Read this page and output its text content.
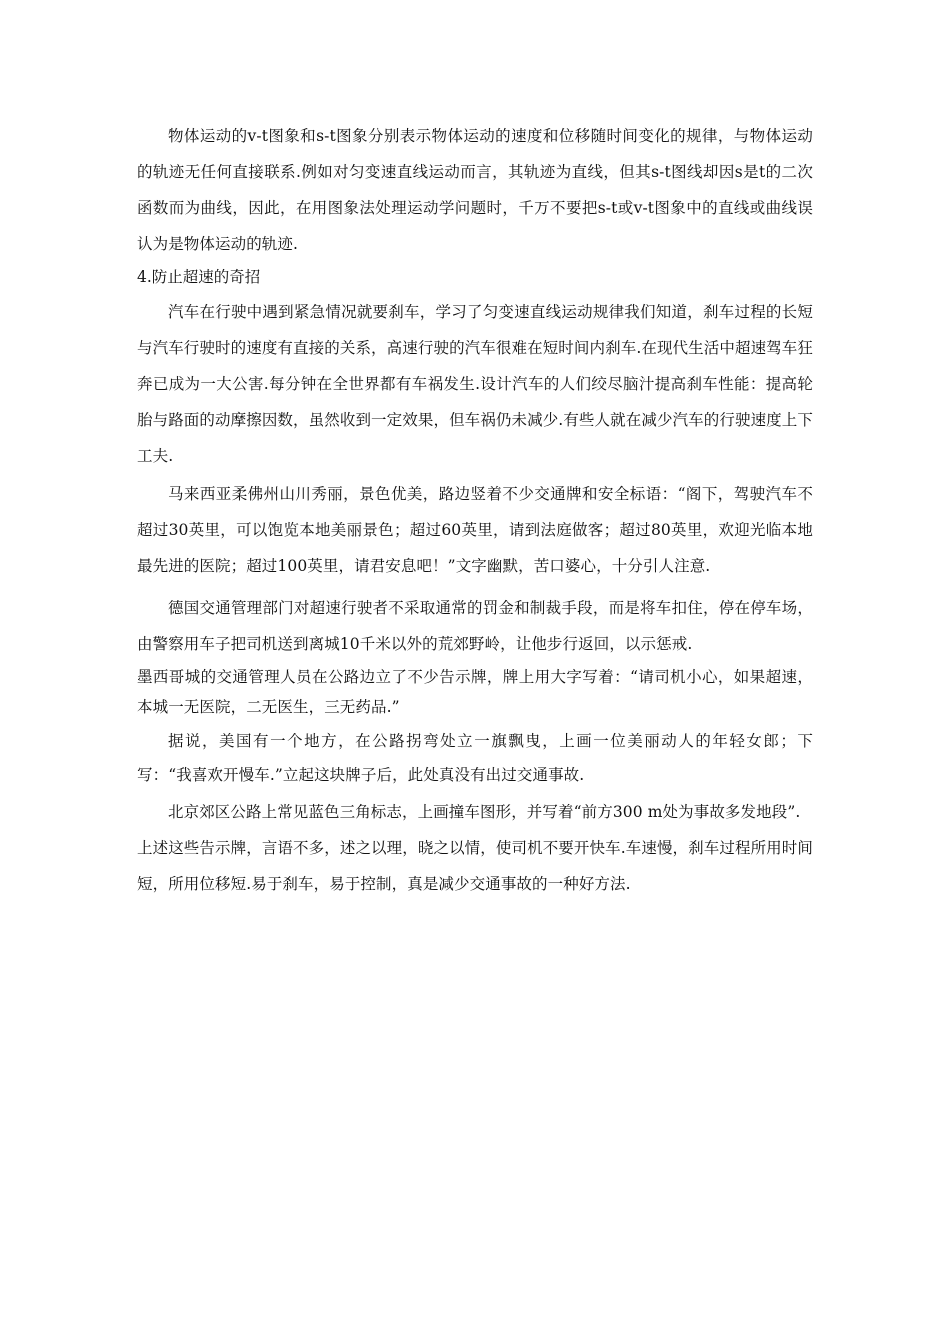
物体运动的v-t图象和s-t图象分别表示物体运动的速度和位移随时间变化的规律，与物体运动的轨迹无任何直接联系.例如对匀变速直线运动而言，其轨迹为直线，但其s-t图线却因s是t的二次函数而为曲线，因此，在用图象法处理运动学问题时，千万不要把s-t或v-t图象中的直线或曲线误认为是物体运动的轨迹.

4.防止超速的奇招

汽车在行驶中遇到紧急情况就要刹车，学习了匀变速直线运动规律我们知道，刹车过程的长短与汽车行驶时的速度有直接的关系，高速行驶的汽车很难在短时间内刹车.在现代生活中超速驾车狂奔已成为一大公害.每分钟在全世界都有车祸发生.设计汽车的人们绞尽脑汁提高刹车性能：提高轮胎与路面的动摩擦因数，虽然收到一定效果，但车祸仍未减少.有些人就在减少汽车的行驶速度上下工夫.

马来西亚柔佛州山川秀丽，景色优美，路边竖着不少交通牌和安全标语：“阁下，驾驶汽车不超过30英里，可以饱览本地美丽景色；超过60英里，请到法庭做客；超过80英里，欢迎光临本地最先进的医院；超过100英里，请君安息吧！”文字幽默，苦口婆心，十分引人注意.

德国交通管理部门对超速行驶者不采取通常的罚金和制裁手段，而是将车扣住，停在停车场，由警察用车子把司机送到离城10千米以外的荒郊野岭，让他步行返回，以示惩戒.

墨西哥城的交通管理人员在公路边立了不少告示牌，牌上用大字写着：“请司机小心，如果超速，本城一无医院，二无医生，三无药品.”

据说，美国有一个地方，在公路拐弯处立一旗飘曳，上画一位美丽动人的年轻女郎；下写：“我喜欢开慢车.”立起这块牌子后，此处真没有出过交通事故.

北京郊区公路上常见蓝色三角标志，上画撞车图形，并写着“前方300 m处为事故多发地段”.

上述这些告示牌，言语不多，述之以理，晓之以情，使司机不要开快车.车速慢，刹车过程所用时间短，所用位移短.易于刹车，易于控制，真是减少交通事故的一种好方法.
